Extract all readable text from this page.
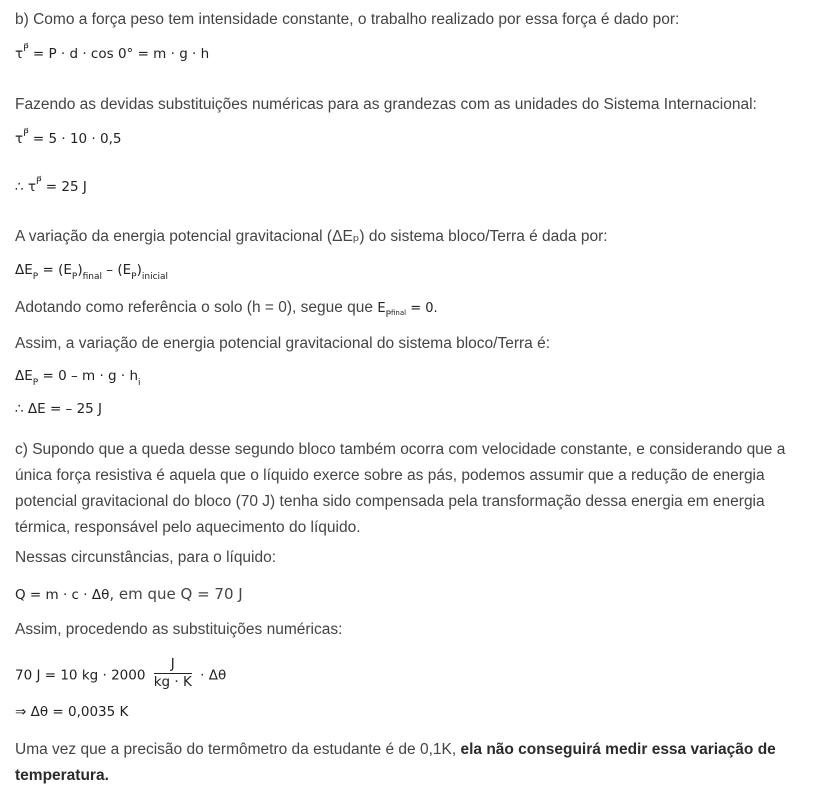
b) Como a força peso tem intensidade constante, o trabalho realizado por essa força é dado por:
$\tau^{P⃗} = P \cdot d \cdot \cos 0^\circ = m \cdot g \cdot h$
Fazendo as devidas substituições numéricas para as grandezas com as unidades do Sistema Internacional:
$\tau^{P⃗} = 5 \cdot 10 \cdot 0,5$
∴ $\tau^{P⃗} = 25$ J
A variação da energia potencial gravitacional (ΔEₚ) do sistema bloco/Terra é dada por:
$\Delta E_P = (E_P)_{final} - (E_P)_{inicial}$
Adotando como referência o solo (h = 0), segue que $E_{Pfinal} = 0$.
Assim, a variação de energia potencial gravitacional do sistema bloco/Terra é:
$\Delta E_P = 0 - m \cdot g \cdot h_i$
∴ ΔE = – 25 J
c) Supondo que a queda desse segundo bloco também ocorra com velocidade constante, e considerando que a única força resistiva é aquela que o líquido exerce sobre as pás, podemos assumir que a redução de energia potencial gravitacional do bloco (70 J) tenha sido compensada pela transformação dessa energia em energia térmica, responsável pelo aquecimento do líquido.
Nessas circunstâncias, para o líquido:
Q = m · c · Δθ, em que Q = 70 J
Assim, procedendo as substituições numéricas:
70 J = 10 kg · $2000 \frac{J}{kg \cdot K} \cdot \Delta\theta$
⇒ Δθ = 0,0035 K
Uma vez que a precisão do termômetro da estudante é de 0,1K, ela não conseguirá medir essa variação de temperatura.
